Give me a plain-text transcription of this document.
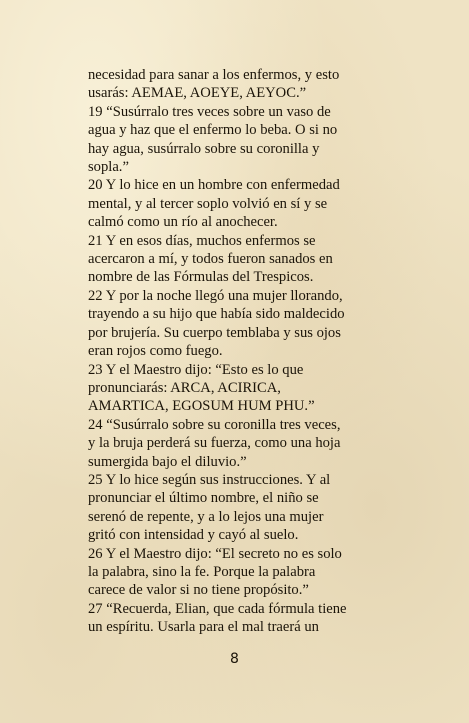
necesidad para sanar a los enfermos, y esto
usarás: AEMAE, AOEYE, AEYOC.”
19 “Susúrralo tres veces sobre un vaso de
agua y haz que el enfermo lo beba. O si no
hay agua, susúrralo sobre su coronilla y
sopla.”
20 Y lo hice en un hombre con enfermedad
mental, y al tercer soplo volvió en sí y se
calmó como un río al anochecer.
21 Y en esos días, muchos enfermos se
acercaron a mí, y todos fueron sanados en
nombre de las Fórmulas del Trespicos.
22 Y por la noche llegó una mujer llorando,
trayendo a su hijo que había sido maldecido
por brujería. Su cuerpo temblaba y sus ojos
eran rojos como fuego.
23 Y el Maestro dijo: “Esto es lo que
pronunciarás: ARCA, ACIRICA,
AMARTICA, EGOSUM HUM PHU.”
24 “Susúrralo sobre su coronilla tres veces,
y la bruja perderá su fuerza, como una hoja
sumergida bajo el diluvio.”
25 Y lo hice según sus instrucciones. Y al
pronunciar el último nombre, el niño se
serenó de repente, y a lo lejos una mujer
gritó con intensidad y cayó al suelo.
26 Y el Maestro dijo: “El secreto no es solo
la palabra, sino la fe. Porque la palabra
carece de valor si no tiene propósito.”
27 “Recuerda, Elian, que cada fórmula tiene
un espíritu. Usarla para el mal traerá un
8
